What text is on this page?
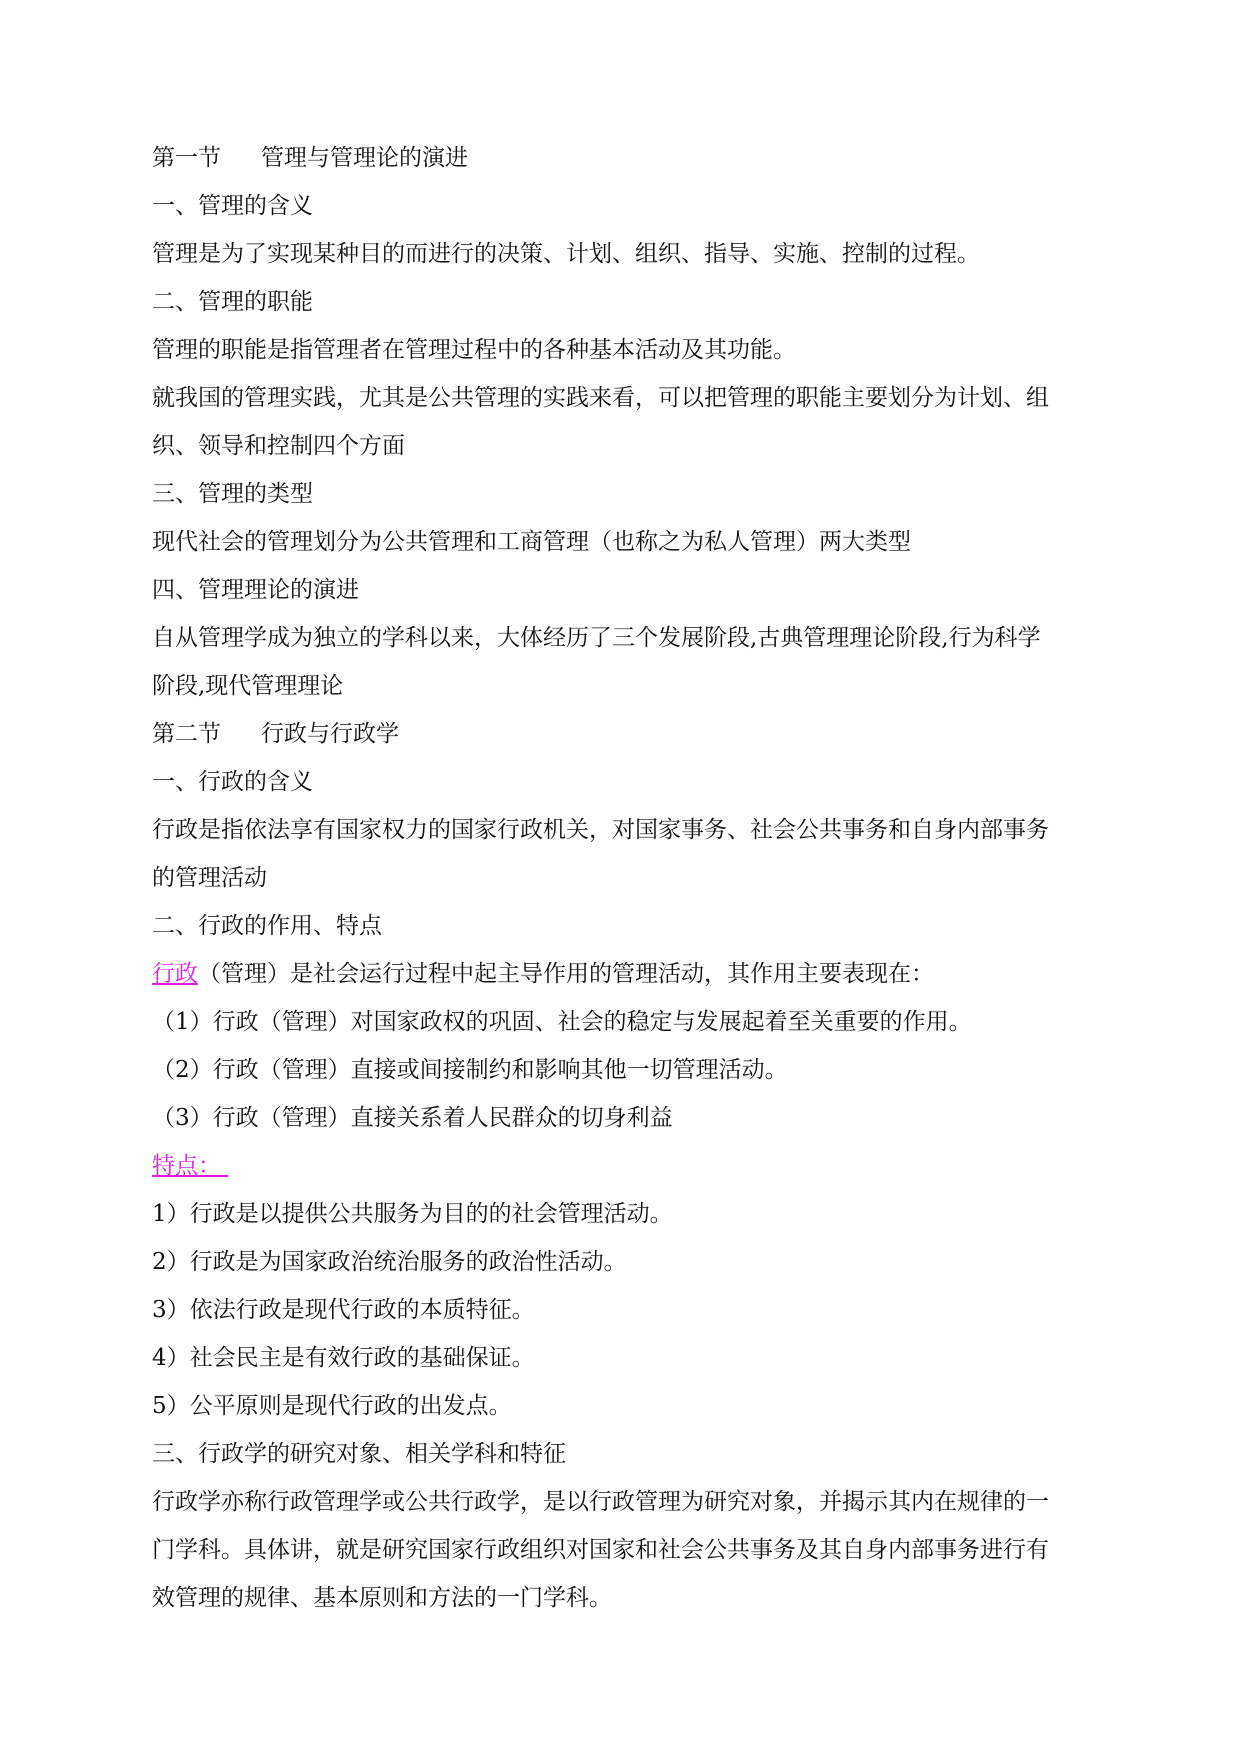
第一节 管理与管理论的演进
一、管理的含义
管理是为了实现某种目的而进行的决策、计划、组织、指导、实施、控制的过程。
二、管理的职能
管理的职能是指管理者在管理过程中的各种基本活动及其功能。
就我国的管理实践，尤其是公共管理的实践来看，可以把管理的职能主要划分为计划、组
织、领导和控制四个方面
三、管理的类型
现代社会的管理划分为公共管理和工商管理（也称之为私人管理）两大类型
四、管理理论的演进
自从管理学成为独立的学科以来，大体经历了三个发展阶段,古典管理理论阶段,行为科学
阶段,现代管理理论
第二节 行政与行政学
一、行政的含义
行政是指依法享有国家权力的国家行政机关，对国家事务、社会公共事务和自身内部事务
的管理活动
二、行政的作用、特点
行政（管理）是社会运行过程中起主导作用的管理活动，其作用主要表现在：
（1）行政（管理）对国家政权的巩固、社会的稳定与发展起着至关重要的作用。
（2）行政（管理）直接或间接制约和影响其他一切管理活动。
（3）行政（管理）直接关系着人民群众的切身利益
特点：
1）行政是以提供公共服务为目的的社会管理活动。
2）行政是为国家政治统治服务的政治性活动。
3）依法行政是现代行政的本质特征。
4）社会民主是有效行政的基础保证。
5）公平原则是现代行政的出发点。
三、行政学的研究对象、相关学科和特征
行政学亦称行政管理学或公共行政学，是以行政管理为研究对象，并揭示其内在规律的一
门学科。具体讲，就是研究国家行政组织对国家和社会公共事务及其自身内部事务进行有
效管理的规律、基本原则和方法的一门学科。
